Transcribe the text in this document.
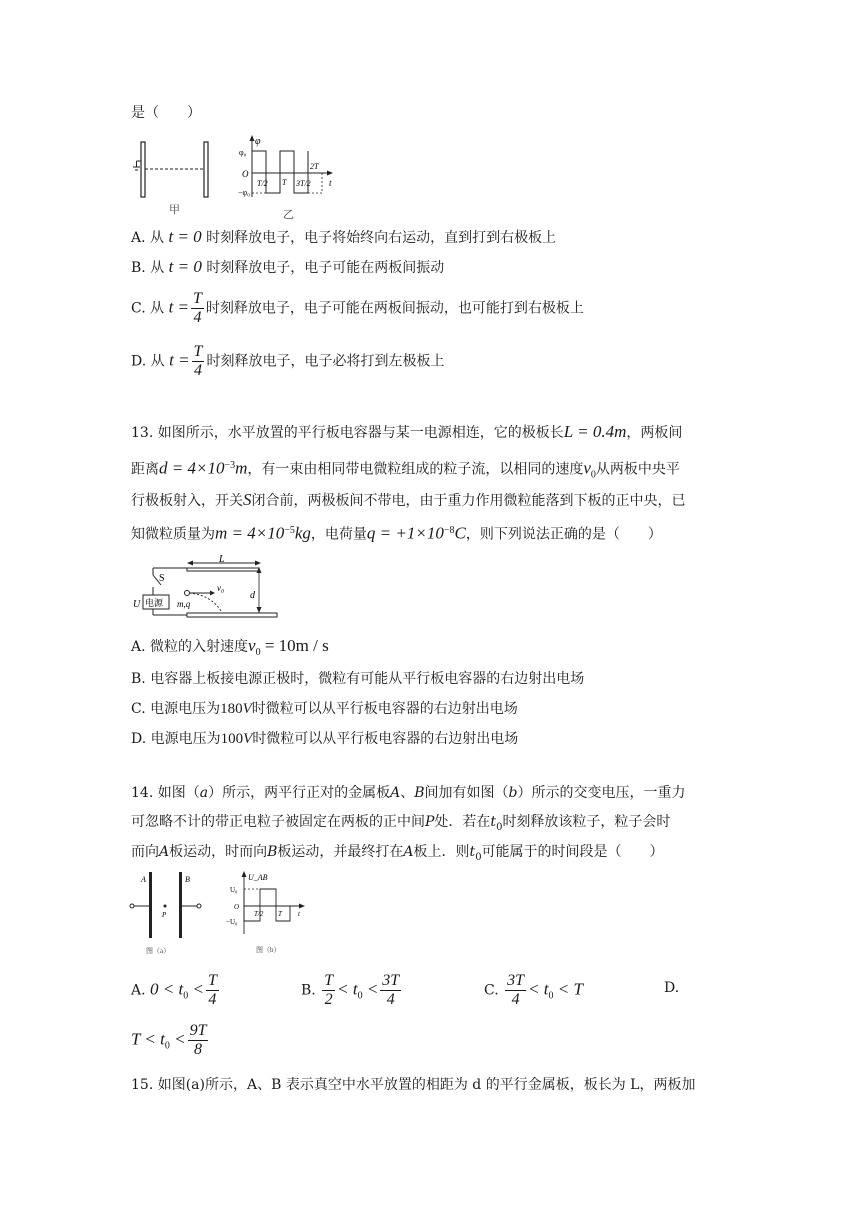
是（　　）
甲
φ
φ₀
O
−φ₀
T/2 T 3T/2
2T
t
乙
A. 从 t = 0 时刻释放电子，电子将始终向右运动，直到打到右极板上
B. 从 t = 0 时刻释放电子，电子可能在两板间振动
C. 从 $t = \frac{T}{4}$ 时刻释放电子，电子可能在两板间振动，也可能打到右极板上
D. 从 $t = \frac{T}{4}$ 时刻释放电子，电子必将打到左极板上
13. 如图所示，水平放置的平行板电容器与某一电源相连，它的极板长L = 0.4m，两板间
距离$d = 4\times 10^{-3}m$，有一束由相同带电微粒组成的粒子流，以相同的速度$v_0$从两板中央平
行极板射入，开关S闭合前，两极板间不带电，由于重力作用微粒能落到下板的正中央，已
知微粒质量为$m = 4\times 10^{-5}kg$，电荷量$q = +1\times 10^{-8}C$，则下列说法正确的是（　　）
L
S
电源
U
v₀
m,q
d
A. 微粒的入射速度$v_0 = 10m / s$
B. 电容器上板接电源正极时，微粒有可能从平行板电容器的右边射出电场
C. 电源电压为180V时微粒可以从平行板电容器的右边射出电场
D. 电源电压为100V时微粒可以从平行板电容器的右边射出电场
14. 如图（a）所示，两平行正对的金属板A、B间加有如图（b）所示的交变电压，一重力
可忽略不计的带正电粒子被固定在两板的正中间P处．若在$t_0$时刻释放该粒子，粒子会时
而向A板运动，时而向B板运动，并最终打在A板上．则$t_0$可能属于的时间段是（　　）
A	B
P
图（a）
U_AB
U₀
O
−U₀
T/2 T t
图（b）
A. $0 < t_0 < \frac{T}{4}$	B. $\frac{T}{2} < t_0 < \frac{3T}{4}$	C. $\frac{3T}{4} < t_0 < T$	D.
$T < t_0 < \frac{9T}{8}$
15. 如图(a)所示，A、B 表示真空中水平放置的相距为 d 的平行金属板，板长为 L，两板加
